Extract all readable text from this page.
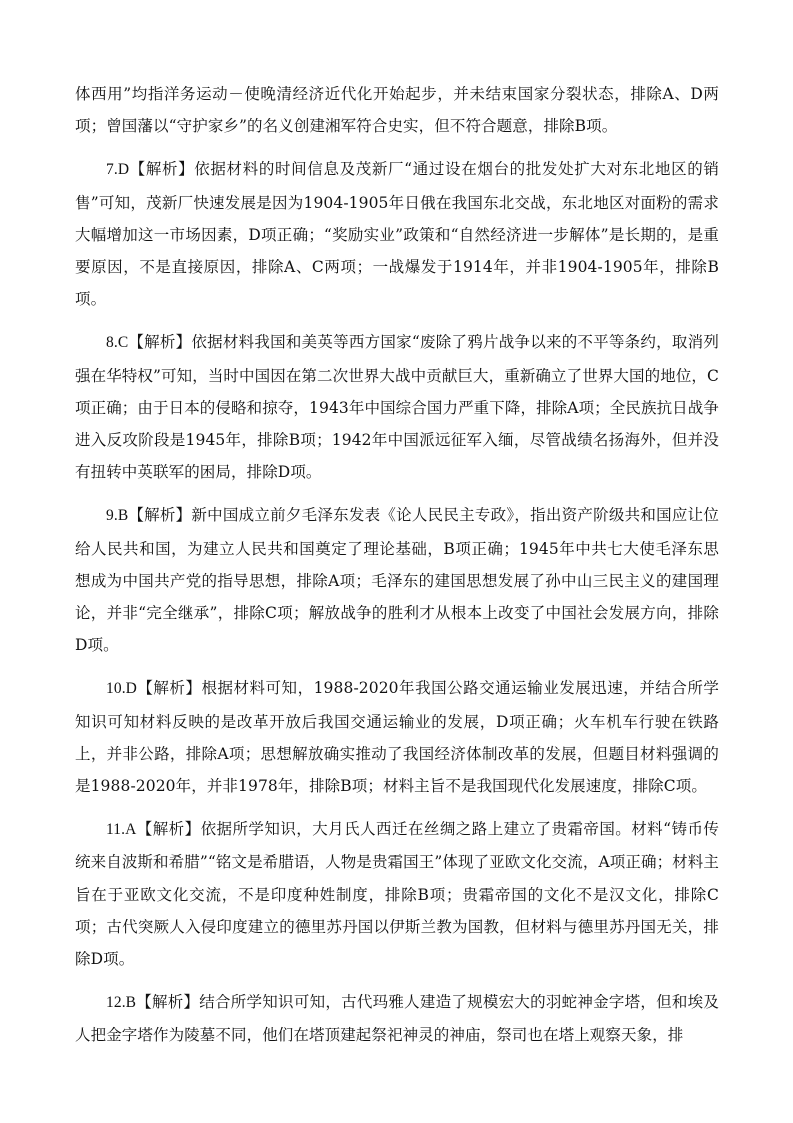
体西用”均指洋务运动－使晚清经济近代化开始起步，并未结束国家分裂状态，排除A、D两项；曾国藩以“守护家乡”的名义创建湘军符合史实，但不符合题意，排除B项。

7.D【解析】依据材料的时间信息及茂新厂“通过设在烟台的批发处扩大对东北地区的销售”可知，茂新厂快速发展是因为1904-1905年日俄在我国东北交战，东北地区对面粉的需求大幅增加这一市场因素，D项正确；“奖励实业”政策和“自然经济进一步解体”是长期的，是重要原因，不是直接原因，排除A、C两项；一战爆发于1914年，并非1904-1905年，排除B项。

8.C【解析】依据材料我国和美英等西方国家“废除了鸦片战争以来的不平等条约，取消列强在华特权”可知，当时中国因在第二次世界大战中贡献巨大，重新确立了世界大国的地位，C项正确；由于日本的侵略和掠夺，1943年中国综合国力严重下降，排除A项；全民族抗日战争进入反攻阶段是1945年，排除B项；1942年中国派远征军入缅，尽管战绩名扬海外，但并没有扭转中英联军的困局，排除D项。

9.B【解析】新中国成立前夕毛泽东发表《论人民民主专政》，指出资产阶级共和国应让位给人民共和国，为建立人民共和国奠定了理论基础，B项正确；1945年中共七大使毛泽东思想成为中国共产党的指导思想，排除A项；毛泽东的建国思想发展了孙中山三民主义的建国理论，并非“完全继承”，排除C项；解放战争的胜利才从根本上改变了中国社会发展方向，排除D项。

10.D【解析】根据材料可知，1988-2020年我国公路交通运输业发展迅速，并结合所学知识可知材料反映的是改革开放后我国交通运输业的发展，D项正确；火车机车行驶在铁路上，并非公路，排除A项；思想解放确实推动了我国经济体制改革的发展，但题目材料强调的是1988-2020年，并非1978年，排除B项；材料主旨不是我国现代化发展速度，排除C项。

11.A【解析】依据所学知识，大月氏人西迁在丝绸之路上建立了贵霜帝国。材料“铸币传统来自波斯和希腊”“铭文是希腊语，人物是贵霜国王”体现了亚欧文化交流，A项正确；材料主旨在于亚欧文化交流，不是印度种姓制度，排除B项；贵霜帝国的文化不是汉文化，排除C项；古代突厥人入侵印度建立的德里苏丹国以伊斯兰教为国教，但材料与德里苏丹国无关，排除D项。

12.B【解析】结合所学知识可知，古代玛雅人建造了规模宏大的羽蛇神金字塔，但和埃及人把金字塔作为陵墓不同，他们在塔顶建起祭祀神灵的神庙，祭司也在塔上观察天象，排
